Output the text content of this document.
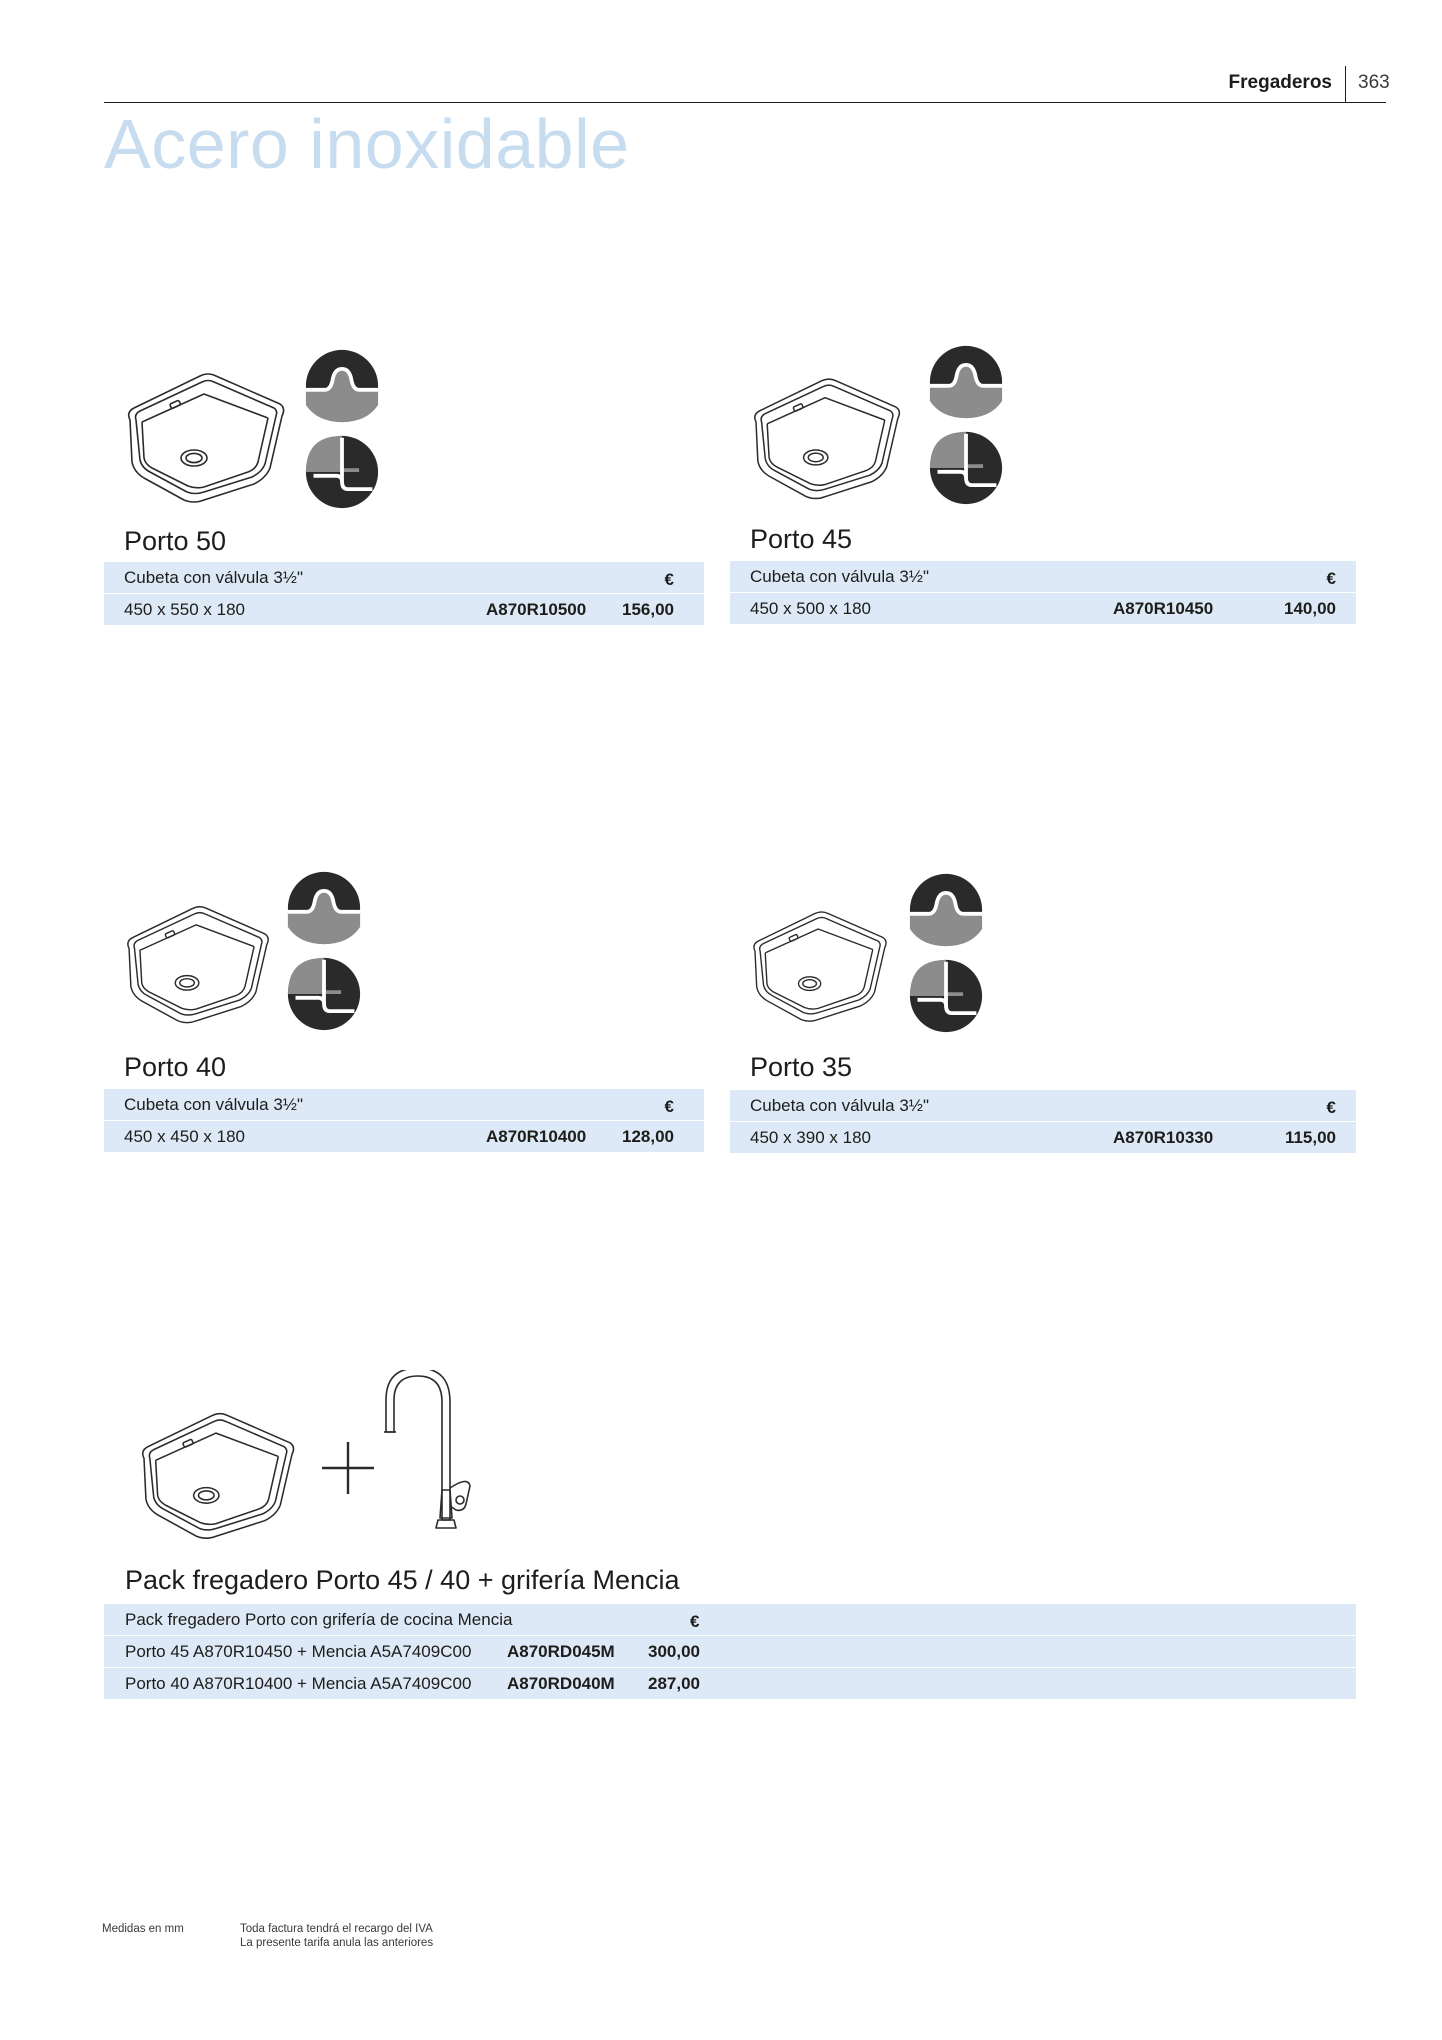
Fregaderos 363
Acero inoxidable
Porto 50
Cubeta con válvula 3½"	€
450 x 550 x 180	A870R10500 156,00
Porto 45
Cubeta con válvula 3½"	€
450 x 500 x 180	A870R10450	140,00
Porto 40
Cubeta con válvula 3½"	€
450 x 450 x 180	A870R10400 128,00
Porto 35
Cubeta con válvula 3½"	€
450 x 390 x 180	A870R10330	115,00
Pack fregadero Porto 45 / 40 + grifería Mencia
Pack fregadero Porto con grifería de cocina Mencia	€
Porto 45 A870R10450 + Mencia A5A7409C00 A870RD045M 300,00
Porto 40 A870R10400 + Mencia A5A7409C00 A870RD040M 287,00
Medidas en mm	Toda factura tendrá el recargo del IVA
La presente tarifa anula las anteriores
